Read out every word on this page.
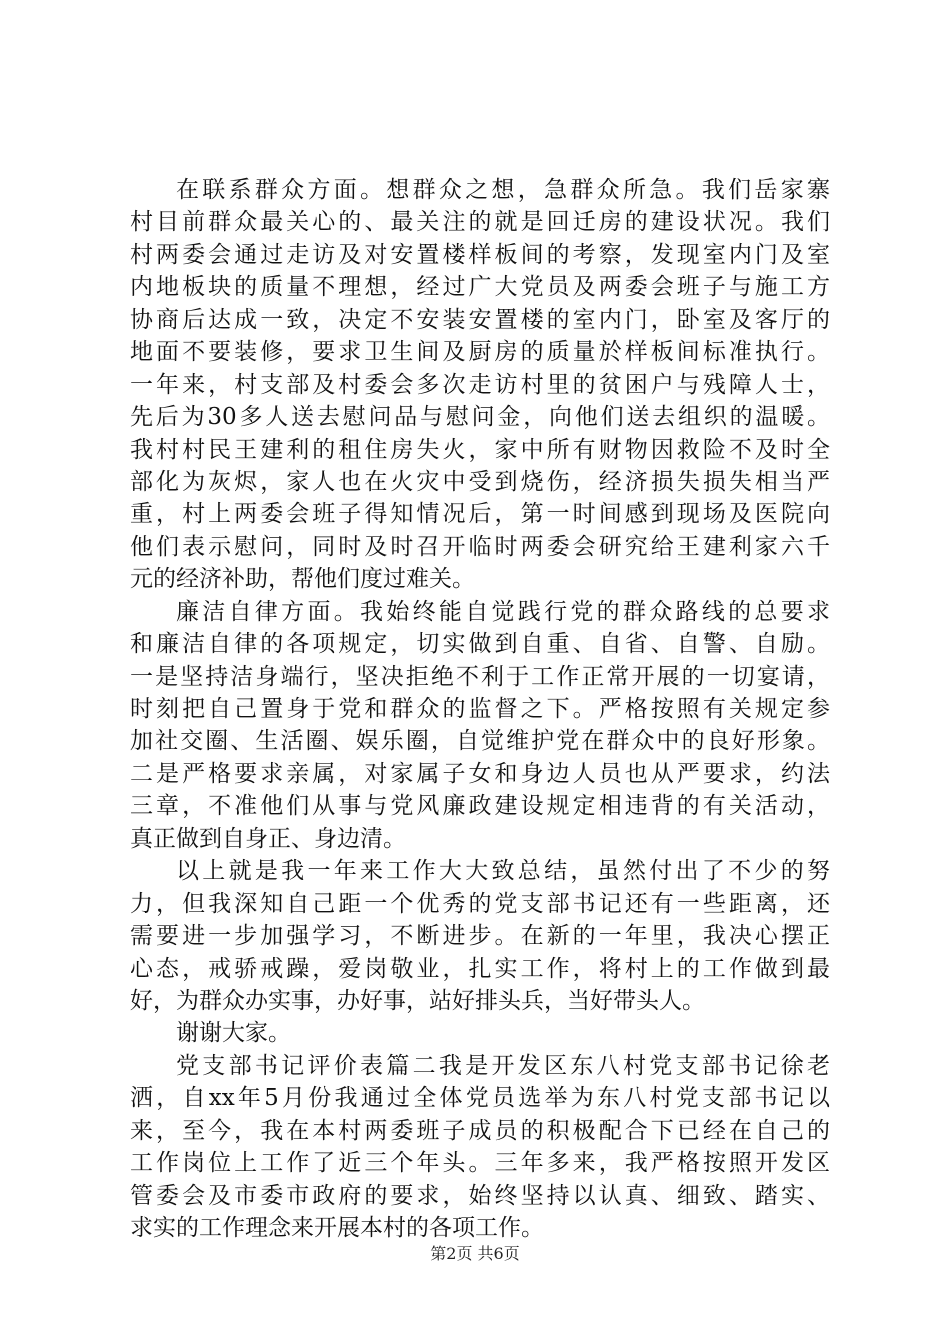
在联系群众方面。想群众之想，急群众所急。我们岳家寨
村目前群众最关心的、最关注的就是回迁房的建设状况。我们
村两委会通过走访及对安置楼样板间的考察，发现室内门及室
内地板块的质量不理想，经过广大党员及两委会班子与施工方
协商后达成一致，决定不安装安置楼的室内门，卧室及客厅的
地面不要装修，要求卫生间及厨房的质量於样板间标准执行。
一年来，村支部及村委会多次走访村里的贫困户与残障人士，
先后为30多人送去慰问品与慰问金，向他们送去组织的温暖。
我村村民王建利的租住房失火，家中所有财物因救险不及时全
部化为灰烬，家人也在火灾中受到烧伤，经济损失损失相当严
重，村上两委会班子得知情况后，第一时间感到现场及医院向
他们表示慰问，同时及时召开临时两委会研究给王建利家六千
元的经济补助，帮他们度过难关。
廉洁自律方面。我始终能自觉践行党的群众路线的总要求
和廉洁自律的各项规定，切实做到自重、自省、自警、自励。
一是坚持洁身端行，坚决拒绝不利于工作正常开展的一切宴请，
时刻把自己置身于党和群众的监督之下。严格按照有关规定参
加社交圈、生活圈、娱乐圈，自觉维护党在群众中的良好形象。
二是严格要求亲属，对家属子女和身边人员也从严要求，约法
三章，不准他们从事与党风廉政建设规定相违背的有关活动，
真正做到自身正、身边清。
以上就是我一年来工作大大致总结，虽然付出了不少的努
力，但我深知自己距一个优秀的党支部书记还有一些距离，还
需要进一步加强学习，不断进步。在新的一年里，我决心摆正
心态，戒骄戒躁，爱岗敬业，扎实工作，将村上的工作做到最
好，为群众办实事，办好事，站好排头兵，当好带头人。
谢谢大家。
党支部书记评价表篇二我是开发区东八村党支部书记徐老
洒，自xx年5月份我通过全体党员选举为东八村党支部书记以
来，至今，我在本村两委班子成员的积极配合下已经在自己的
工作岗位上工作了近三个年头。三年多来，我严格按照开发区
管委会及市委市政府的要求，始终坚持以认真、细致、踏实、
求实的工作理念来开展本村的各项工作。
第2页 共6页
